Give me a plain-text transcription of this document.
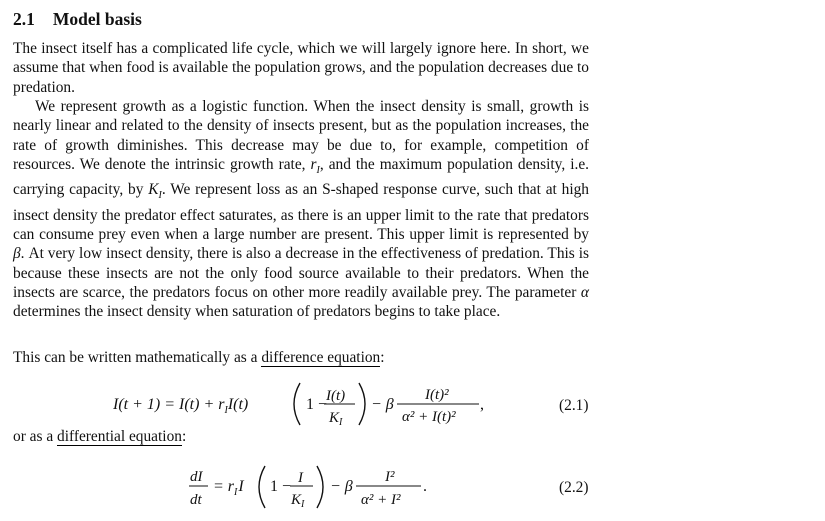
2.1 Model basis

The insect itself has a complicated life cycle, which we will largely ignore here. In short, we assume that when food is available the population grows, and the population decreases due to predation.

We represent growth as a logistic function. When the insect density is small, growth is nearly linear and related to the density of insects present, but as the population increases, the rate of growth diminishes. This decrease may be due to, for example, competition of resources. We denote the intrinsic growth rate, $r_I$, and the maximum population density, i.e. carrying capacity, by $K_I$. We represent loss as an S-shaped response curve, such that at high insect density the predator effect saturates, as there is an upper limit to the rate that predators can consume prey even when a large number are present. This upper limit is represented by β. At very low insect density, there is also a decrease in the effectiveness of predation. This is because these insects are not the only food source available to their predators. When the insects are scarce, the predators focus on other more readily available prey. The parameter α determines the insect density when saturation of predators begins to take place.

This can be written mathematically as a difference equation:

$I(t + 1) = I(t) + r_II(t)$	1 −
I(t)
$K_I$
− β
I(t)²
α² + I(t)²
,	(2.1)

or as a differential equation:

dI
dt
= $r_II$ 1 − I
$K_I$
− β
I²
α² + I²
.	(2.2)
